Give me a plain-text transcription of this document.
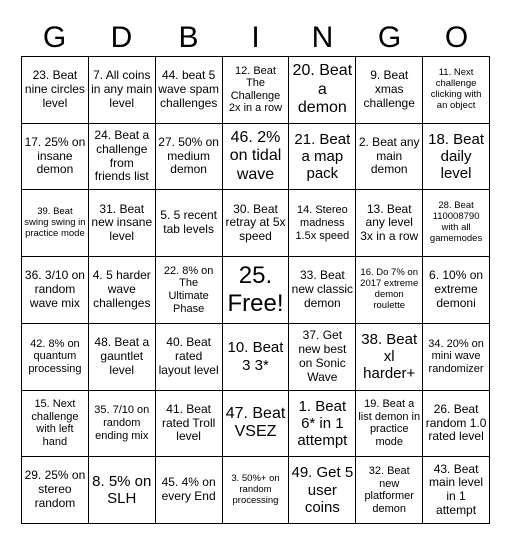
G	D	B	I	N	G	O
23. Beat nine circles level
7. All coins in any main level
44. beat 5 wave spam challenges
12. Beat The Challenge 2x in a row
20. Beat a demon
9. Beat xmas challenge
11. Next challenge clicking with an object
17. 25% on insane demon
24. Beat a challenge from friends list
27. 50% on medium demon
46. 2% on tidal wave
21. Beat a map pack
2. Beat any main demon
18. Beat daily level
39. Beat swing swing in practice mode
31. Beat new insane level
5. 5 recent tab levels
30. Beat retray at 5x speed
14. Stereo madness 1.5x speed
13. Beat any level 3x in a row
28. Beat 110008790 with all gamemodes
36. 3/10 on random wave mix
4. 5 harder wave challenges
22. 8% on The Ultimate Phase
25. Free!
33. Beat new classic demon
16. Do 7% on 2017 extreme demon roulette
6. 10% on extreme demoni
42. 8% on quantum processing
48. Beat a gauntlet level
40. Beat rated layout level
10. Beat 3 3*
37. Get new best on Sonic Wave
38. Beat xl harder+
34. 20% on mini wave randomizer
15. Next challenge with left hand
35. 7/10 on random ending mix
41. Beat rated Troll level
47. Beat VSEZ
1. Beat 6* in 1 attempt
19. Beat a list demon in practice mode
26. Beat random 1.0 rated level
29. 25% on stereo random
8. 5% on SLH
45. 4% on every End
3. 50%+ on random processing
49. Get 5 user coins
32. Beat new platformer demon
43. Beat main level in 1 attempt
